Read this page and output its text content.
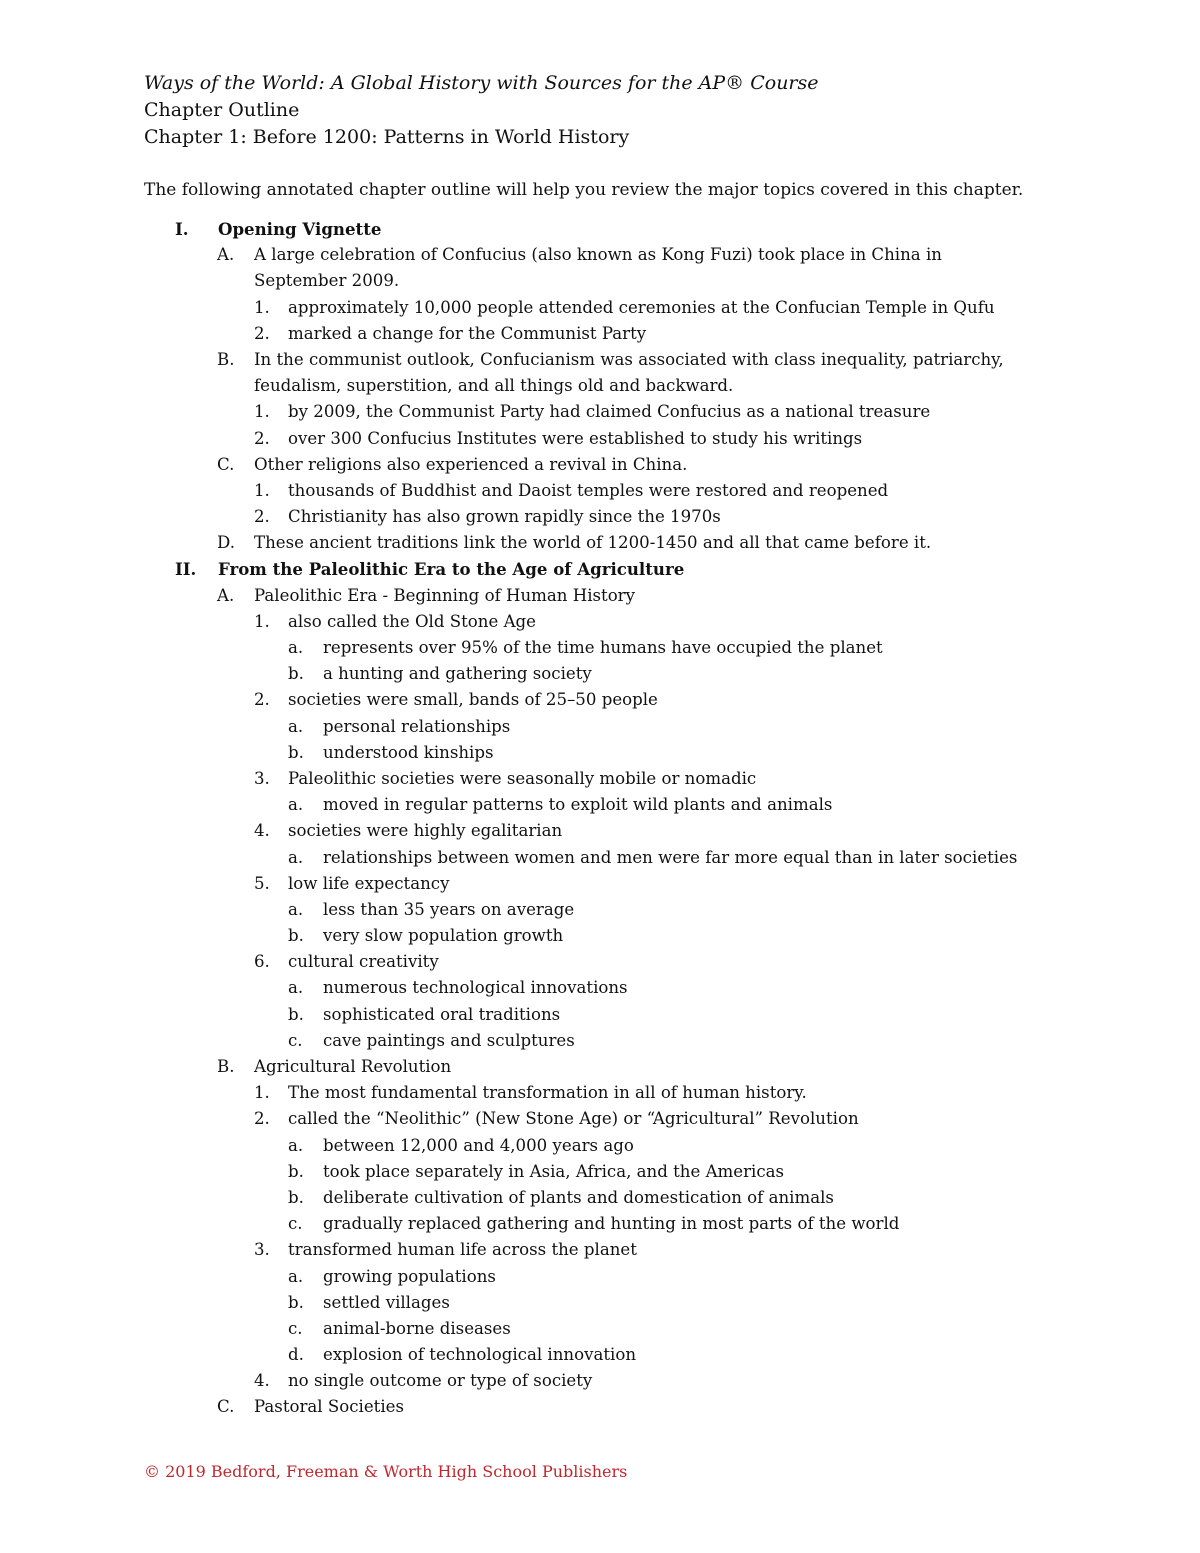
Ways of the World: A Global History with Sources for the AP® Course
Chapter Outline
Chapter 1: Before 1200: Patterns in World History
The following annotated chapter outline will help you review the major topics covered in this chapter.
I. Opening Vignette
A. A large celebration of Confucius (also known as Kong Fuzi) took place in China in
September 2009.
1. approximately 10,000 people attended ceremonies at the Confucian Temple in Qufu
2. marked a change for the Communist Party
B. In the communist outlook, Confucianism was associated with class inequality, patriarchy,
feudalism, superstition, and all things old and backward.
1. by 2009, the Communist Party had claimed Confucius as a national treasure
2. over 300 Confucius Institutes were established to study his writings
C. Other religions also experienced a revival in China.
1. thousands of Buddhist and Daoist temples were restored and reopened
2. Christianity has also grown rapidly since the 1970s
D. These ancient traditions link the world of 1200-1450 and all that came before it.
II. From the Paleolithic Era to the Age of Agriculture
A. Paleolithic Era - Beginning of Human History
1. also called the Old Stone Age
a. represents over 95% of the time humans have occupied the planet
b. a hunting and gathering society
2. societies were small, bands of 25–50 people
a. personal relationships
b. understood kinships
3. Paleolithic societies were seasonally mobile or nomadic
a. moved in regular patterns to exploit wild plants and animals
4. societies were highly egalitarian
a. relationships between women and men were far more equal than in later societies
5. low life expectancy
a. less than 35 years on average
b. very slow population growth
6. cultural creativity
a. numerous technological innovations
b. sophisticated oral traditions
c. cave paintings and sculptures
B. Agricultural Revolution
1. The most fundamental transformation in all of human history.
2. called the “Neolithic” (New Stone Age) or “Agricultural” Revolution
a. between 12,000 and 4,000 years ago
b. took place separately in Asia, Africa, and the Americas
b. deliberate cultivation of plants and domestication of animals
c. gradually replaced gathering and hunting in most parts of the world
3. transformed human life across the planet
a. growing populations
b. settled villages
c. animal-borne diseases
d. explosion of technological innovation
4. no single outcome or type of society
C. Pastoral Societies
© 2019 Bedford, Freeman & Worth High School Publishers
